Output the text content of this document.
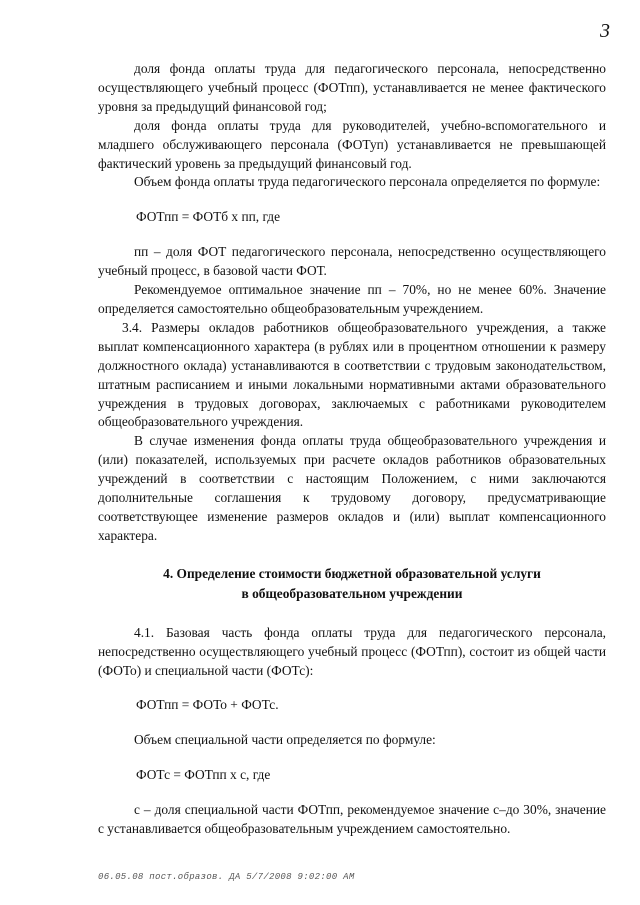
3

доля фонда оплаты труда для педагогического персонала, непосредственно осуществляющего учебный процесс (ФОТпп), устанавливается не менее фактического уровня за предыдущий финансовой год;

доля фонда оплаты труда для руководителей, учебно-вспомогательного и младшего обслуживающего персонала (ФОТуп) устанавливается не превышающей фактический уровень за предыдущий финансовый год.

Объем фонда оплаты труда педагогического персонала определяется по формуле:

ФОТпп = ФОТб х пп, где

пп – доля ФОТ педагогического персонала, непосредственно осуществляющего учебный процесс, в базовой части ФОТ.

Рекомендуемое оптимальное значение пп – 70%, но не менее 60%. Значение определяется самостоятельно общеобразовательным учреждением.

3.4. Размеры окладов работников общеобразовательного учреждения, а также выплат компенсационного характера (в рублях или в процентном отношении к размеру должностного оклада) устанавливаются в соответствии с трудовым законодательством, штатным расписанием и иными локальными нормативными актами образовательного учреждения в трудовых договорах, заключаемых с работниками руководителем общеобразовательного учреждения.

В случае изменения фонда оплаты труда общеобразовательного учреждения и (или) показателей, используемых при расчете окладов работников образовательных учреждений в соответствии с настоящим Положением, с ними заключаются дополнительные соглашения к трудовому договору, предусматривающие соответствующее изменение размеров окладов и (или) выплат компенсационного характера.

4. Определение стоимости бюджетной образовательной услуги
в общеобразовательном учреждении

4.1. Базовая часть фонда оплаты труда для педагогического персонала, непосредственно осуществляющего учебный процесс (ФОТпп), состоит из общей части (ФОТо) и специальной части (ФОТс):

ФОТпп = ФОТо + ФОТс.

Объем специальной части определяется по формуле:

ФОТс = ФОТпп х с, где

с – доля специальной части ФОТпп, рекомендуемое значение с–до 30%, значение с устанавливается общеобразовательным учреждением самостоятельно.

06.05.08 пост.образов. ДА 5/7/2008 9:02:00 AM
